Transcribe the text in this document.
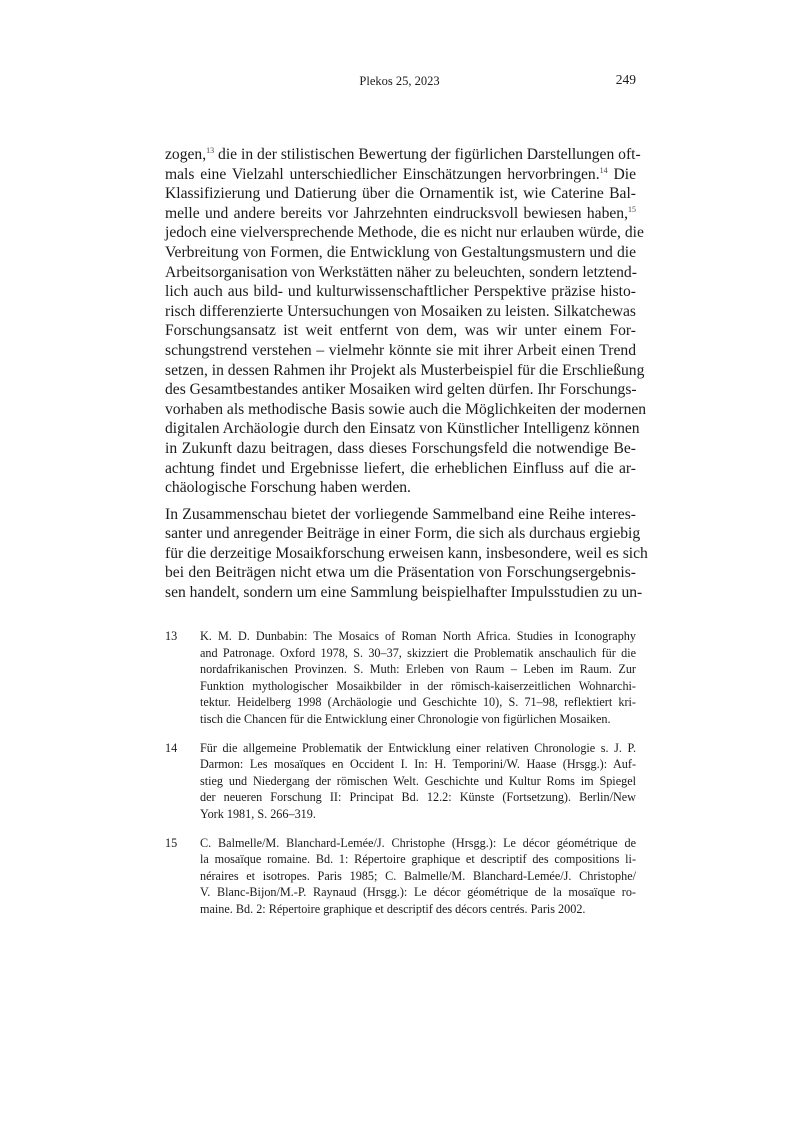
Plekos 25, 2023	249
zogen,$^{13}$ die in der stilistischen Bewertung der figürlichen Darstellungen oft-
mals eine Vielzahl unterschiedlicher Einschätzungen hervorbringen.$^{14}$ Die
Klassifizierung und Datierung über die Ornamentik ist, wie Caterine Bal-
melle und andere bereits vor Jahrzehnten eindrucksvoll bewiesen haben,$^{15}$
jedoch eine vielversprechende Methode, die es nicht nur erlauben würde, die
Verbreitung von Formen, die Entwicklung von Gestaltungsmustern und die
Arbeitsorganisation von Werkstätten näher zu beleuchten, sondern letztend-
lich auch aus bild- und kulturwissenschaftlicher Perspektive präzise histo-
risch differenzierte Untersuchungen von Mosaiken zu leisten. Silkatchewas
Forschungsansatz ist weit entfernt von dem, was wir unter einem For-
schungstrend verstehen – vielmehr könnte sie mit ihrer Arbeit einen Trend
setzen, in dessen Rahmen ihr Projekt als Musterbeispiel für die Erschließung
des Gesamtbestandes antiker Mosaiken wird gelten dürfen. Ihr Forschungs-
vorhaben als methodische Basis sowie auch die Möglichkeiten der modernen
digitalen Archäologie durch den Einsatz von Künstlicher Intelligenz können
in Zukunft dazu beitragen, dass dieses Forschungsfeld die notwendige Be-
achtung findet und Ergebnisse liefert, die erheblichen Einfluss auf die ar-
chäologische Forschung haben werden.
In Zusammenschau bietet der vorliegende Sammelband eine Reihe interes-
santer und anregender Beiträge in einer Form, die sich als durchaus ergiebig
für die derzeitige Mosaikforschung erweisen kann, insbesondere, weil es sich
bei den Beiträgen nicht etwa um die Präsentation von Forschungsergebnis-
sen handelt, sondern um eine Sammlung beispielhafter Impulsstudien zu un-
13	K. M. D. Dunbabin: The Mosaics of Roman North Africa. Studies in Iconography
and Patronage. Oxford 1978, S. 30–37, skizziert die Problematik anschaulich für die
nordafrikanischen Provinzen. S. Muth: Erleben von Raum – Leben im Raum. Zur
Funktion mythologischer Mosaikbilder in der römisch-kaiserzeitlichen Wohnarchi-
tektur. Heidelberg 1998 (Archäologie und Geschichte 10), S. 71–98, reflektiert kri-
tisch die Chancen für die Entwicklung einer Chronologie von figürlichen Mosaiken.
14	Für die allgemeine Problematik der Entwicklung einer relativen Chronologie s. J. P.
Darmon: Les mosaïques en Occident I. In: H. Temporini/W. Haase (Hrsgg.): Auf-
stieg und Niedergang der römischen Welt. Geschichte und Kultur Roms im Spiegel
der neueren Forschung II: Principat Bd. 12.2: Künste (Fortsetzung). Berlin/New
York 1981, S. 266–319.
15	C. Balmelle/M. Blanchard-Lemée/J. Christophe (Hrsgg.): Le décor géométrique de
la mosaïque romaine. Bd. 1: Répertoire graphique et descriptif des compositions li-
néraires et isotropes. Paris 1985; C. Balmelle/M. Blanchard-Lemée/J. Christophe/
V. Blanc-Bijon/M.-P. Raynaud (Hrsgg.): Le décor géométrique de la mosaïque ro-
maine. Bd. 2: Répertoire graphique et descriptif des décors centrés. Paris 2002.
